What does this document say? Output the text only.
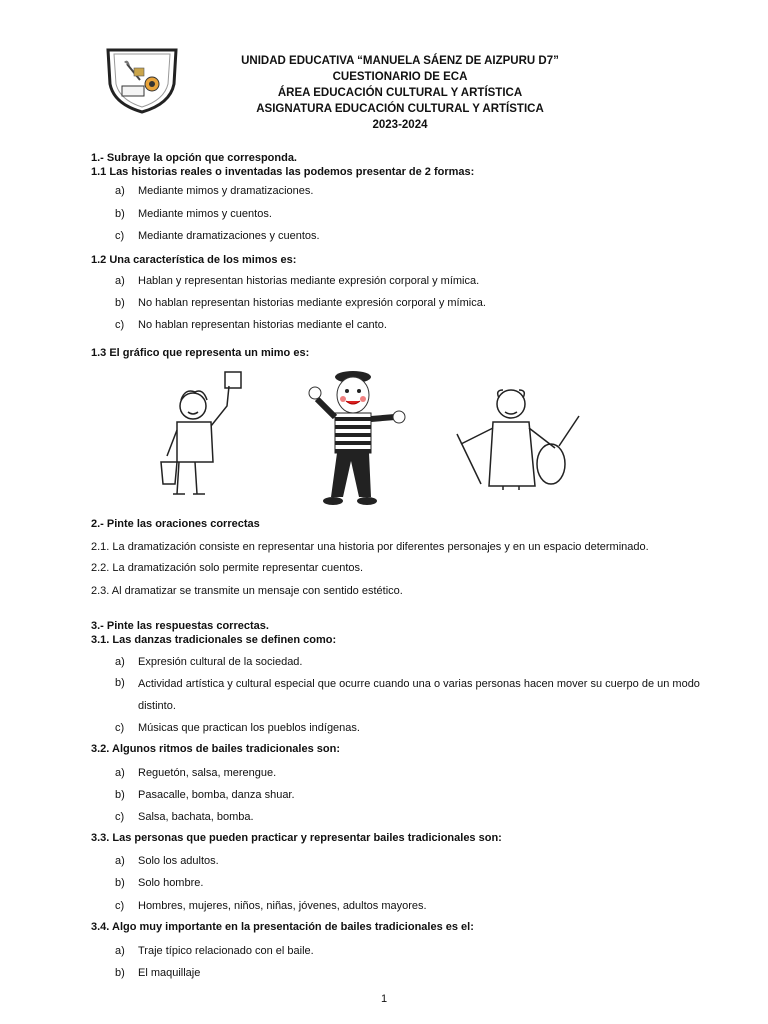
UNIDAD EDUCATIVA “MANUELA SÁENZ DE AIZPURU D7”
CUESTIONARIO DE ECA
ÁREA EDUCACIÓN CULTURAL Y ARTÍSTICA
ASIGNATURA EDUCACIÓN CULTURAL Y ARTÍSTICA
2023-2024
1.- Subraye la opción que corresponda.
1.1 Las historias reales o inventadas las podemos presentar de 2 formas:
a) Mediante mimos y dramatizaciones.
b) Mediante mimos y cuentos.
c) Mediante dramatizaciones y cuentos.
1.2 Una característica de los mimos es:
a) Hablan y representan historias mediante expresión corporal y mímica.
b) No hablan representan historias mediante expresión corporal y mímica.
c) No hablan representan historias mediante el canto.
1.3 El gráfico que representa un mimo es:
2.- Pinte las oraciones correctas
2.1. La dramatización consiste en representar una historia por diferentes personajes y en un espacio determinado.
2.2. La dramatización solo permite representar cuentos.
2.3. Al dramatizar se transmite un mensaje con sentido estético.
3.- Pinte las respuestas correctas.
3.1. Las danzas tradicionales se definen como:
a) Expresión cultural de la sociedad.
b) Actividad artística y cultural especial que ocurre cuando una o varias personas hacen mover su cuerpo de un modo distinto.
c) Músicas que practican los pueblos indígenas.
3.2. Algunos ritmos de bailes tradicionales son:
a) Reguetón, salsa, merengue.
b) Pasacalle, bomba, danza shuar.
c) Salsa, bachata, bomba.
3.3. Las personas que pueden practicar y representar bailes tradicionales son:
a) Solo los adultos.
b) Solo hombre.
c) Hombres, mujeres, niños, niñas, jóvenes, adultos mayores.
3.4. Algo muy importante en la presentación de bailes tradicionales es el:
a) Traje típico relacionado con el baile.
b) El maquillaje
1
